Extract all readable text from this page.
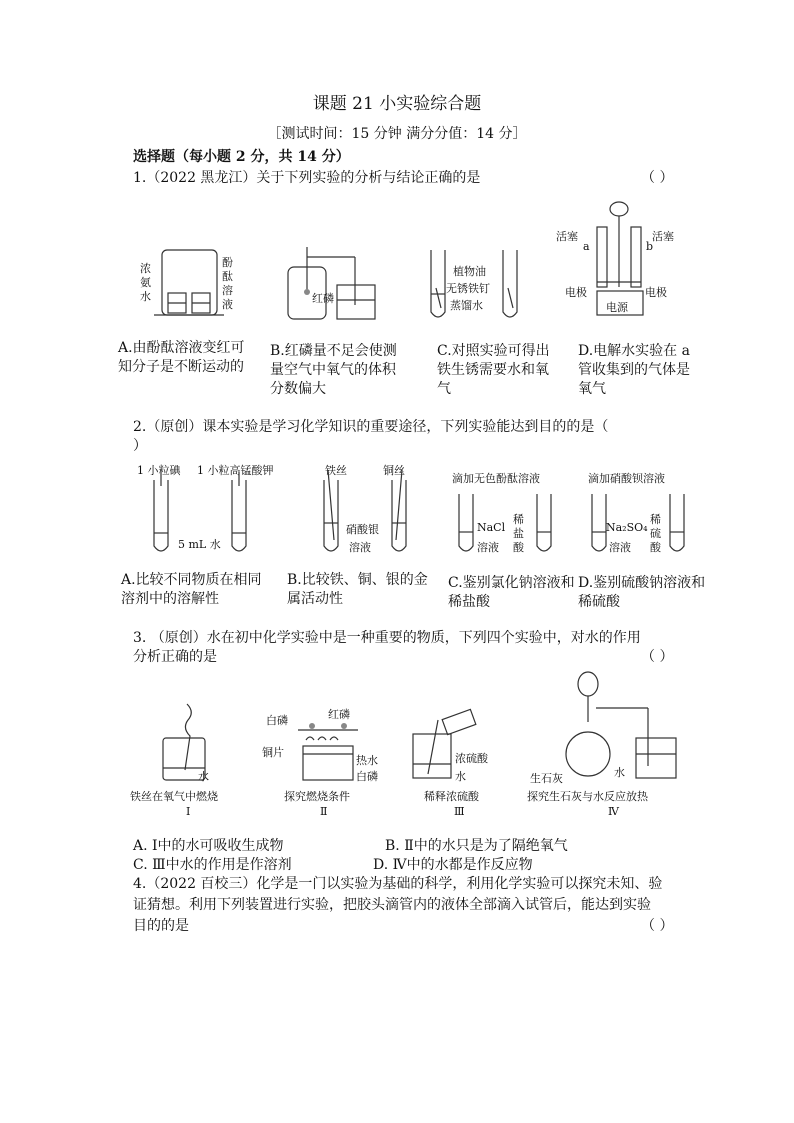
课题 21 小实验综合题
［测试时间：15 分钟 满分分值：14 分］
选择题（每小题 2 分，共 14 分）
1.（2022 黑龙江）关于下列实验的分析与结论正确的是	（ ）
浓
氨
水
酚
酞
溶
液	红磷
植物油
无锈铁钉
蒸馏水
活塞	活塞
a	b
电极	电极
电源
A.由酚酞溶液变红可知分子是不断运动的
B.红磷量不足会使测量空气中氧气的体积分数偏大
C.对照实验可得出铁生锈需要水和氧气
D.电解水实验在 a 管收集到的气体是氧气
2.（原创）课本实验是学习化学知识的重要途径，下列实验能达到目的的是（
）
1 小粒碘 1 小粒高锰酸钾
5 mL 水
铁丝	铜丝
硝酸银
溶液
滴加无色酚酞溶液
NaCl
溶液
稀
盐
酸
滴加硝酸钡溶液
Na₂SO₄
溶液
稀
硫
酸
A.比较不同物质在相同溶剂中的溶解性
B.比较铁、铜、银的金属活动性
C.鉴别氯化钠溶液和稀盐酸
D.鉴别硫酸钠溶液和稀硫酸
3. （原创）水在初中化学实验中是一种重要的物质，下列四个实验中，对水的作用
分析正确的是	（ ）
水
铁丝在氧气中燃烧
Ⅰ
白磷	红磷
铜片
热水
白磷
探究燃烧条件
Ⅱ
浓硫酸
水
稀释浓硫酸
Ⅲ
生石灰	水
探究生石灰与水反应放热
Ⅳ
A. Ⅰ中的水可吸收生成物	B. Ⅱ中的水只是为了隔绝氧气
C. Ⅲ中水的作用是作溶剂	D. Ⅳ中的水都是作反应物
4.（2022 百校三）化学是一门以实验为基础的科学，利用化学实验可以探究未知、验
证猜想。利用下列装置进行实验，把胶头滴管内的液体全部滴入试管后，能达到实验
目的的是	（ ）
